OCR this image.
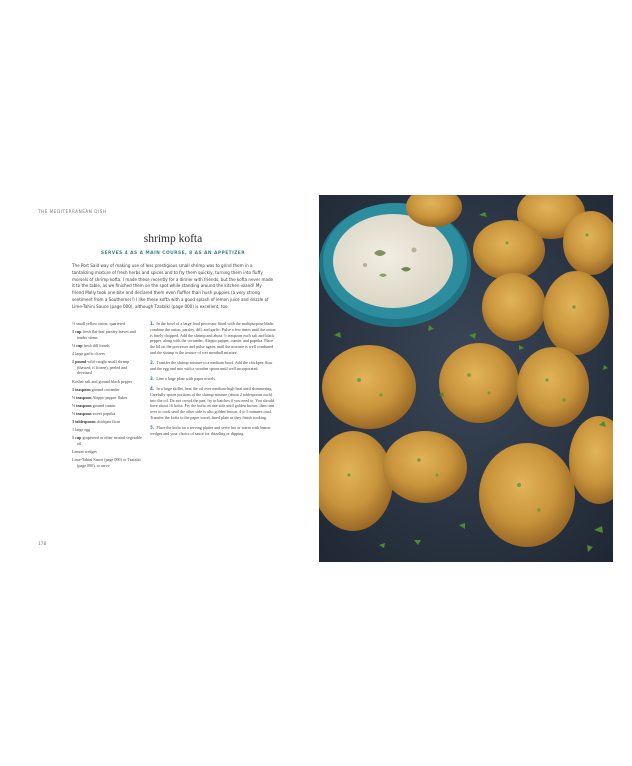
THE MEDITERRANEAN DISH
shrimp kofta
SERVES 4 AS A MAIN COURSE, 8 AS AN APPETIZER

The Port Said way of making use of less prestigious small shrimp was to grind them in a tantalizing mixture of fresh herbs and spices and to fry them quickly, turning them into fluffy morsels of shrimp kofta. I made these recently for a dinner with friends, but the kofta never made it to the table, as we finished them on the spot while standing around the kitchen island! My friend Molly took one bite and declared them even fluffier than hush puppies (a very strong sentiment from a Southerner!) I like these kofta with a good splash of lemon juice and drizzle of Lime-Tahini Sauce (page 000), although Tzatziki (page 000) is excellent, too.

½ small yellow onion, quartered
1 cup fresh flat-leaf parsley leaves and tender stems
½ cup fresh dill fronds
4 large garlic cloves
1 pound wild-caught small shrimp (thawed, if frozen), peeled and deveined
Kosher salt and ground black pepper
1 teaspoon ground coriander
½ teaspoon Aleppo pepper flakes
½ teaspoon ground cumin
½ teaspoon sweet paprika
3 tablespoons chickpea flour
1 large egg
1 cup grapeseed or other neutral vegetable oil
Lemon wedges
Lime-Tahini Sauce (page 000) or Tzatziki (page 000), to serve
1. In the bowl of a large food processor fitted with the multipurpose blade, combine the onion, parsley, dill, and garlic. Pulse a few times until the onion is finely chopped. Add the shrimp and about ½ teaspoon each salt and black pepper, along with the coriander, Aleppo pepper, cumin, and paprika. Place the lid on the processor and pulse again, until the mixture is well combined and the shrimp is the texture of wet meatball mixture.
2. Transfer the shrimp mixture to a medium bowl. Add the chickpea flour and the egg and mix with a wooden spoon until well incorporated.
3. Line a large plate with paper towels.
4. In a large skillet, heat the oil over medium-high heat until shimmering. Carefully spoon portions of the shrimp mixture (about 2 tablespoons each) into the oil. Do not crowd the pan; fry in batches if you need to. You should have about 16 kofta. Fry the kofta on one side until golden brown, then turn over to cook until the other side is also golden brown, 4 to 5 minutes total. Transfer the kofta to the paper towel–lined plate as they finish cooking.
5. Place the kofta on a serving platter and serve hot or warm with lemon wedges and your choice of sauce for drizzling or dipping.
178
